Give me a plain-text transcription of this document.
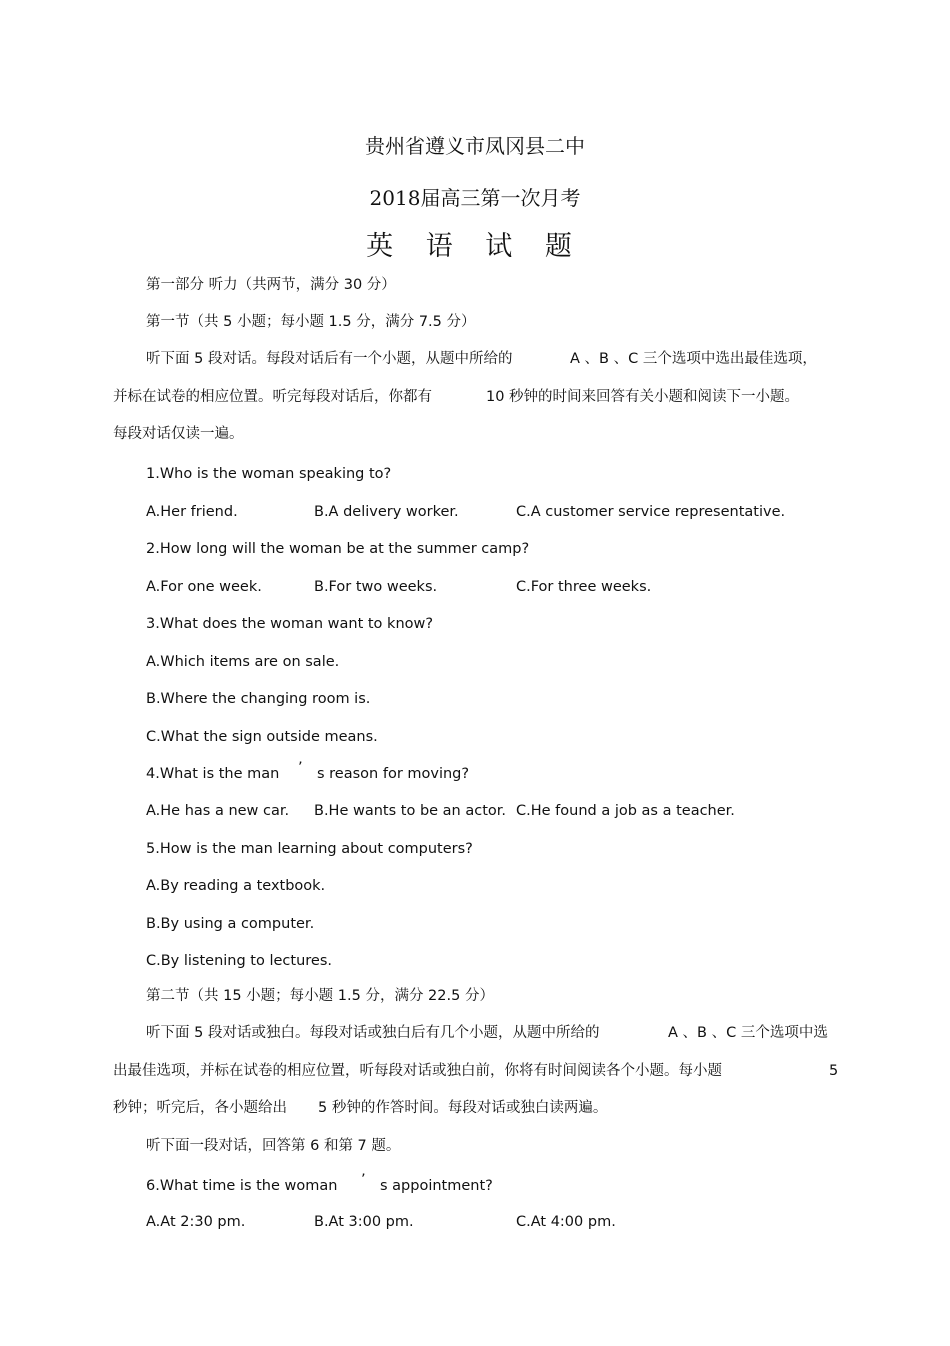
贵州省遵义市凤冈县二中
2018届高三第一次月考
英 语 试 题
第一部分 听力（共两节，满分 30 分）
第一节（共 5 小题；每小题 1.5 分，满分 7.5 分）
听下面 5 段对话。每段对话后有一个小题，从题中所给的	A 、B 、C 三个选项中选出最佳选项，
并标在试卷的相应位置。听完每段对话后，你都有	10 秒钟的时间来回答有关小题和阅读下一小题。
每段对话仅读一遍。
1.Who is the woman speaking to?
A.Her friend.	B.A delivery worker.	C.A customer service representative.
2.How long will the woman be at the summer camp?
A.For one week.	B.For two weeks.	C.For three weeks.
3.What does the woman want to know?
A.Which items are on sale.
B.Where the changing room is.
C.What the sign outside means.
4.What is the man ’ s reason for moving?
A.He has a new car. B.He wants to be an actor. C.He found a job as a teacher.
5.How is the man learning about computers?
A.By reading a textbook.
B.By using a computer.
C.By listening to lectures.
第二节（共 15 小题；每小题 1.5 分，满分 22.5 分）
听下面 5 段对话或独白。每段对话或独白后有几个小题，从题中所给的	A 、B 、C 三个选项中选
出最佳选项，并标在试卷的相应位置，听每段对话或独白前，你将有时间阅读各个小题。每小题	5
秒钟；听完后，各小题给出 5 秒钟的作答时间。每段对话或独白读两遍。
听下面一段对话，回答第 6 和第 7 题。
6.What time is the woman ’ s appointment?
A.At 2:30 pm.	B.At 3:00 pm.	C.At 4:00 pm.
